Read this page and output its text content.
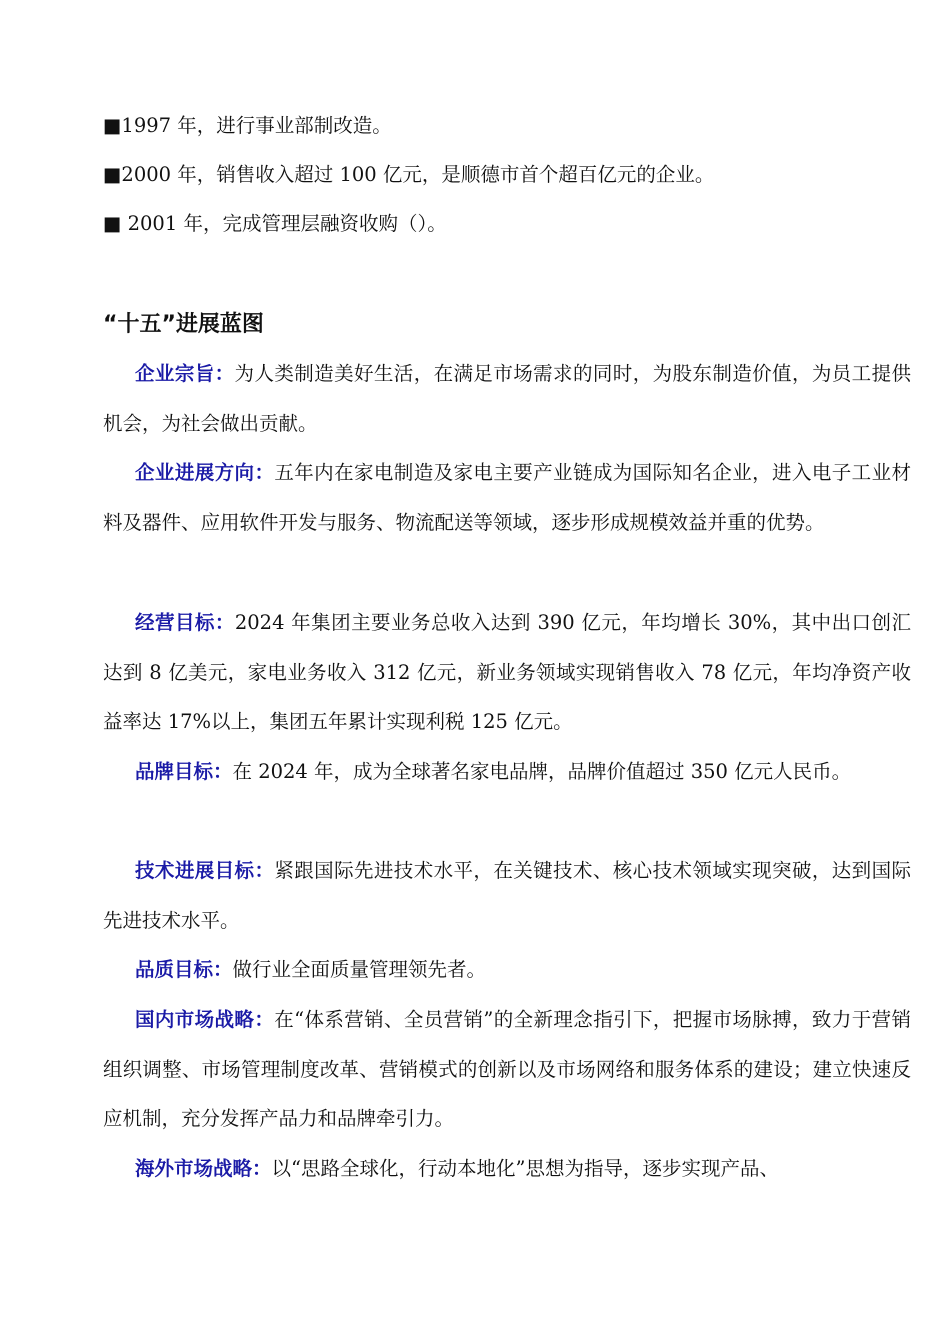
■1997 年，进行事业部制改造。
■2000 年，销售收入超过 100 亿元，是顺德市首个超百亿元的企业。
■ 2001 年，完成管理层融资收购（）。
“十五”进展蓝图
企业宗旨：为人类制造美好生活，在满足市场需求的同时，为股东制造价值，为员工提供机会，为社会做出贡献。
企业进展方向：五年内在家电制造及家电主要产业链成为国际知名企业，进入电子工业材料及器件、应用软件开发与服务、物流配送等领域，逐步形成规模效益并重的优势。
经营目标：2024 年集团主要业务总收入达到 390 亿元，年均增长 30%，其中出口创汇达到 8 亿美元，家电业务收入 312 亿元，新业务领域实现销售收入 78 亿元，年均净资产收益率达 17%以上，集团五年累计实现利税 125 亿元。
品牌目标：在 2024 年，成为全球著名家电品牌，品牌价值超过 350 亿元人民币。
技术进展目标：紧跟国际先进技术水平，在关键技术、核心技术领域实现突破，达到国际先进技术水平。
品质目标：做行业全面质量管理领先者。
国内市场战略：在“体系营销、全员营销”的全新理念指引下，把握市场脉搏，致力于营销组织调整、市场管理制度改革、营销模式的创新以及市场网络和服务体系的建设；建立快速反应机制，充分发挥产品力和品牌牵引力。
海外市场战略：以“思路全球化，行动本地化”思想为指导，逐步实现产品、
